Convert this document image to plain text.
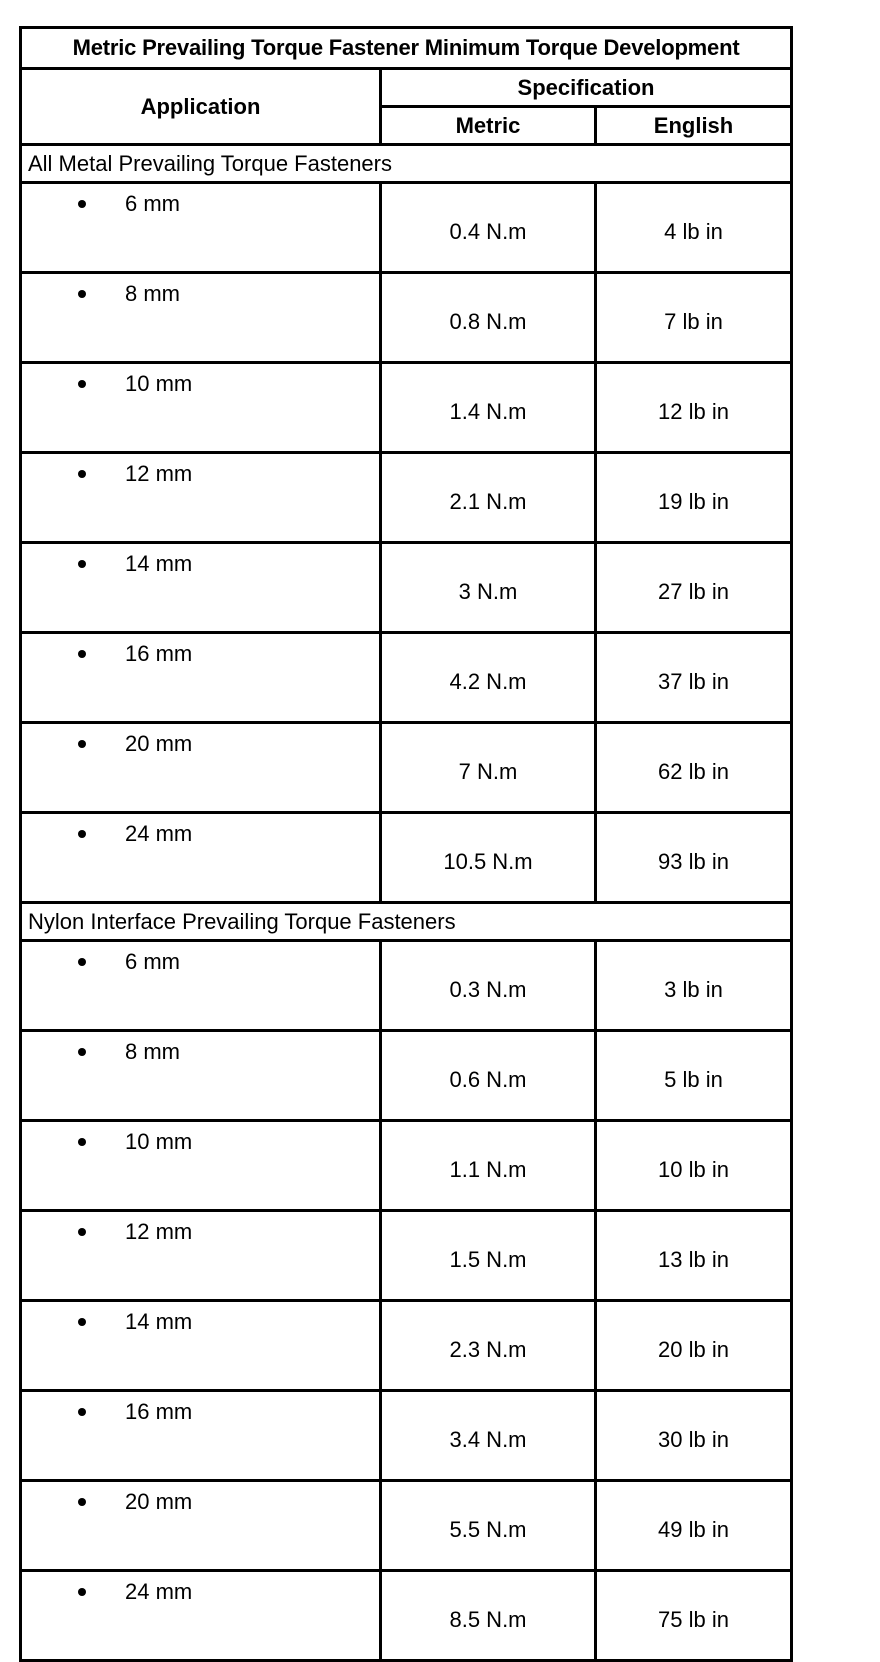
Metric Prevailing Torque Fastener Minimum Torque Development		
Application	Specification	
	Metric	English
All Metal Prevailing Torque Fasteners		

6 mm	0.4 N.m	4 lb in

8 mm	0.8 N.m	7 lb in

10 mm	1.4 N.m	12 lb in

12 mm	2.1 N.m	19 lb in

14 mm	3 N.m	27 lb in

16 mm	4.2 N.m	37 lb in

20 mm	7 N.m	62 lb in

24 mm	10.5 N.m	93 lb in
Nylon Interface Prevailing Torque Fasteners		

6 mm	0.3 N.m	3 lb in

8 mm	0.6 N.m	5 lb in

10 mm	1.1 N.m	10 lb in

12 mm	1.5 N.m	13 lb in

14 mm	2.3 N.m	20 lb in

16 mm	3.4 N.m	30 lb in

20 mm	5.5 N.m	49 lb in

24 mm	8.5 N.m	75 lb in
